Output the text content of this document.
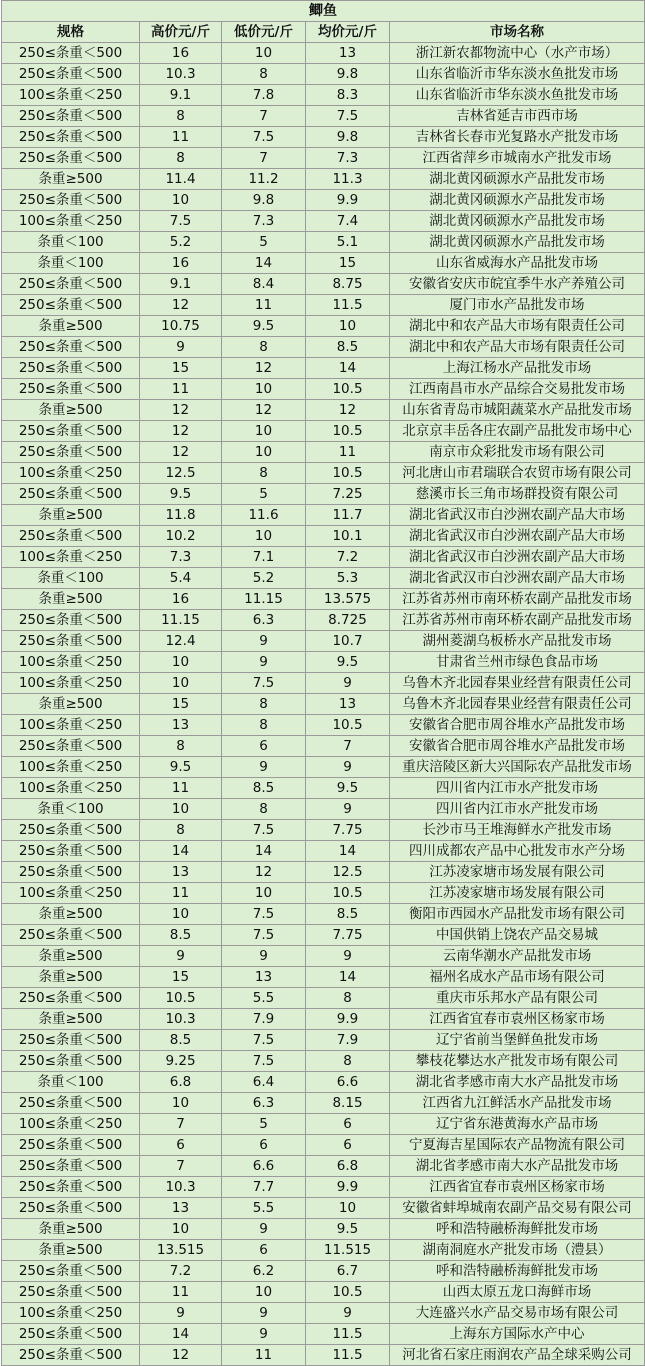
鲫鱼				
规格	高价元/斤	低价元/斤	均价元/斤	市场名称
250≤条重＜500	16	10	13	浙江新农都物流中心（水产市场）
250≤条重＜500	10.3	8	9.8	山东省临沂市华东淡水鱼批发市场
100≤条重＜250	9.1	7.8	8.3	山东省临沂市华东淡水鱼批发市场
250≤条重＜500	8	7	7.5	吉林省延吉市西市场
250≤条重＜500	11	7.5	9.8	吉林省长春市光复路水产批发市场
250≤条重＜500	8	7	7.3	江西省萍乡市城南水产批发市场
条重≥500	11.4	11.2	11.3	湖北黄冈硕源水产品批发市场
250≤条重＜500	10	9.8	9.9	湖北黄冈硕源水产品批发市场
100≤条重＜250	7.5	7.3	7.4	湖北黄冈硕源水产品批发市场
条重＜100	5.2	5	5.1	湖北黄冈硕源水产品批发市场
条重＜100	16	14	15	山东省威海水产品批发市场
250≤条重＜500	9.1	8.4	8.75	安徽省安庆市皖宜季牛水产养殖公司
250≤条重＜500	12	11	11.5	厦门市水产品批发市场
条重≥500	10.75	9.5	10	湖北中和农产品大市场有限责任公司
250≤条重＜500	9	8	8.5	湖北中和农产品大市场有限责任公司
250≤条重＜500	15	12	14	上海江杨水产品批发市场
250≤条重＜500	11	10	10.5	江西南昌市水产品综合交易批发市场
条重≥500	12	12	12	山东省青岛市城阳蔬菜水产品批发市场
250≤条重＜500	12	10	10.5	北京京丰岳各庄农副产品批发市场中心
250≤条重＜500	12	10	11	南京市众彩批发市场有限公司
100≤条重＜250	12.5	8	10.5	河北唐山市君瑞联合农贸市场有限公司
250≤条重＜500	9.5	5	7.25	慈溪市长三角市场群投资有限公司
条重≥500	11.8	11.6	11.7	湖北省武汉市白沙洲农副产品大市场
250≤条重＜500	10.2	10	10.1	湖北省武汉市白沙洲农副产品大市场
100≤条重＜250	7.3	7.1	7.2	湖北省武汉市白沙洲农副产品大市场
条重＜100	5.4	5.2	5.3	湖北省武汉市白沙洲农副产品大市场
条重≥500	16	11.15	13.575	江苏省苏州市南环桥农副产品批发市场
250≤条重＜500	11.15	6.3	8.725	江苏省苏州市南环桥农副产品批发市场
250≤条重＜500	12.4	9	10.7	湖州菱湖乌板桥水产品批发市场
100≤条重＜250	10	9	9.5	甘肃省兰州市绿色食品市场
100≤条重＜250	10	7.5	9	乌鲁木齐北园春果业经营有限责任公司
条重≥500	15	8	13	乌鲁木齐北园春果业经营有限责任公司
100≤条重＜250	13	8	10.5	安徽省合肥市周谷堆水产品批发市场
250≤条重＜500	8	6	7	安徽省合肥市周谷堆水产品批发市场
100≤条重＜250	9.5	9	9	重庆涪陵区新大兴国际农产品批发市场
100≤条重＜250	11	8.5	9.5	四川省内江市水产批发市场
条重＜100	10	8	9	四川省内江市水产批发市场
250≤条重＜500	8	7.5	7.75	长沙市马王堆海鲜水产批发市场
250≤条重＜500	14	14	14	四川成都农产品中心批发市水产分场
250≤条重＜500	13	12	12.5	江苏凌家塘市场发展有限公司
100≤条重＜250	11	10	10.5	江苏凌家塘市场发展有限公司
条重≥500	10	7.5	8.5	衡阳市西园水产品批发市场有限公司
250≤条重＜500	8.5	7.5	7.75	中国供销上饶农产品交易城
条重≥500	9	9	9	云南华潮水产品批发市场
条重≥500	15	13	14	福州名成水产品市场有限公司
250≤条重＜500	10.5	5.5	8	重庆市乐邦水产品有限公司
条重≥500	10.3	7.9	9.9	江西省宜春市袁州区杨家市场
250≤条重＜500	8.5	7.5	7.9	辽宁省前当堡鲜鱼批发市场
250≤条重＜500	9.25	7.5	8	攀枝花攀达水产批发市场有限公司
条重＜100	6.8	6.4	6.6	湖北省孝感市南大水产品批发市场
250≤条重＜500	10	6.3	8.15	江西省九江鲜活水产品批发市场
100≤条重＜250	7	5	6	辽宁省东港黄海水产品市场
250≤条重＜500	6	6	6	宁夏海吉星国际农产品物流有限公司
250≤条重＜500	7	6.6	6.8	湖北省孝感市南大水产品批发市场
250≤条重＜500	10.3	7.7	9.9	江西省宜春市袁州区杨家市场
250≤条重＜500	13	5.5	10	安徽省蚌埠城南农副产品交易有限公司
条重≥500	10	9	9.5	呼和浩特融桥海鲜批发市场
条重≥500	13.515	6	11.515	湖南洞庭水产批发市场（澧县）
250≤条重＜500	7.2	6.2	6.7	呼和浩特融桥海鲜批发市场
250≤条重＜500	11	10	10.5	山西太原五龙口海鲜市场
100≤条重＜250	9	9	9	大连盛兴水产品交易市场有限公司
250≤条重＜500	14	9	11.5	上海东方国际水产中心
250≤条重＜500	12	11	11.5	河北省石家庄雨润农产品全球采购公司
